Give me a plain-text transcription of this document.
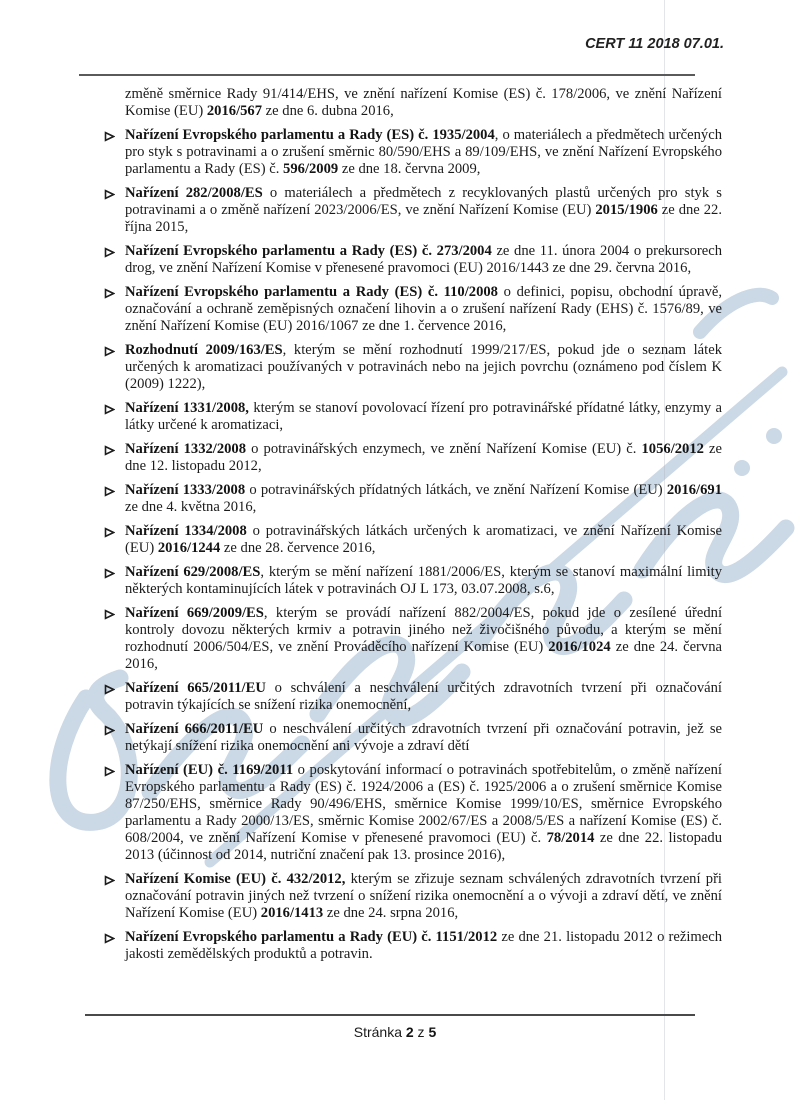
CERT 11 2018 07.01.

změně směrnice Rady 91/414/EHS, ve znění nařízení Komise (ES) č. 178/2006, ve znění Nařízení Komise (EU) 2016/567 ze dne 6. dubna 2016,

Nařízení Evropského parlamentu a Rady (ES) č. 1935/2004, o materiálech a předmětech určených pro styk s potravinami a o zrušení směrnic 80/590/EHS a 89/109/EHS, ve znění Nařízení Evropského parlamentu a Rady (ES) č. 596/2009 ze dne 18. června 2009,
Nařízení 282/2008/ES o materiálech a předmětech z recyklovaných plastů určených pro styk s potravinami a o změně nařízení 2023/2006/ES, ve znění Nařízení Komise (EU) 2015/1906 ze dne 22. října 2015,
Nařízení Evropského parlamentu a Rady (ES) č. 273/2004 ze dne 11. února 2004 o prekursorech drog, ve znění Nařízení Komise v přenesené pravomoci (EU) 2016/1443 ze dne 29. června 2016,
Nařízení Evropského parlamentu a Rady (ES) č. 110/2008 o definici, popisu, obchodní úpravě, označování a ochraně zeměpisných označení lihovin a o zrušení nařízení Rady (EHS) č. 1576/89, ve znění Nařízení Komise (EU) 2016/1067 ze dne 1. července 2016,
Rozhodnutí 2009/163/ES, kterým se mění rozhodnutí 1999/217/ES, pokud jde o seznam látek určených k aromatizaci používaných v potravinách nebo na jejich povrchu (oznámeno pod číslem K (2009) 1222),
Nařízení 1331/2008, kterým se stanoví povolovací řízení pro potravinářské přídatné látky, enzymy a látky určené k aromatizaci,
Nařízení 1332/2008 o potravinářských enzymech, ve znění Nařízení Komise (EU) č. 1056/2012 ze dne 12. listopadu 2012,
Nařízení 1333/2008 o potravinářských přídatných látkách, ve znění Nařízení Komise (EU) 2016/691 ze dne 4. května 2016,
Nařízení 1334/2008 o potravinářských látkách určených k aromatizaci, ve znění Nařízení Komise (EU) 2016/1244 ze dne 28. července 2016,
Nařízení 629/2008/ES, kterým se mění nařízení 1881/2006/ES, kterým se stanoví maximální limity některých kontaminujících látek v potravinách OJ L 173, 03.07.2008, s.6,
Nařízení 669/2009/ES, kterým se provádí nařízení 882/2004/ES, pokud jde o zesílené úřední kontroly dovozu některých krmiv a potravin jiného než živočišného původu, a kterým se mění rozhodnutí 2006/504/ES, ve znění Prováděcího nařízení Komise (EU) 2016/1024 ze dne 24. června 2016,
Nařízení 665/2011/EU o schválení a neschválení určitých zdravotních tvrzení při označování potravin týkajících se snížení rizika onemocnění,
Nařízení 666/2011/EU o neschválení určitých zdravotních tvrzení při označování potravin, jež se netýkají snížení rizika onemocnění ani vývoje a zdraví dětí
Nařízení (EU) č. 1169/2011 o poskytování informací o potravinách spotřebitelům, o změně nařízení Evropského parlamentu a Rady (ES) č. 1924/2006 a (ES) č. 1925/2006 a o zrušení směrnice Komise 87/250/EHS, směrnice Rady 90/496/EHS, směrnice Komise 1999/10/ES, směrnice Evropského parlamentu a Rady 2000/13/ES, směrnic Komise 2002/67/ES a 2008/5/ES a nařízení Komise (ES) č. 608/2004, ve znění Nařízení Komise v přenesené pravomoci (EU) č. 78/2014 ze dne 22. listopadu 2013 (účinnost od 2014, nutriční značení pak 13. prosince 2016),
Nařízení Komise (EU) č. 432/2012, kterým se zřizuje seznam schválených zdravotních tvrzení při označování potravin jiných než tvrzení o snížení rizika onemocnění a o vývoji a zdraví dětí, ve znění Nařízení Komise (EU) 2016/1413 ze dne 24. srpna 2016,
Nařízení Evropského parlamentu a Rady (EU) č. 1151/2012 ze dne 21. listopadu 2012 o režimech jakosti zemědělských produktů a potravin.
Stránka 2 z 5
